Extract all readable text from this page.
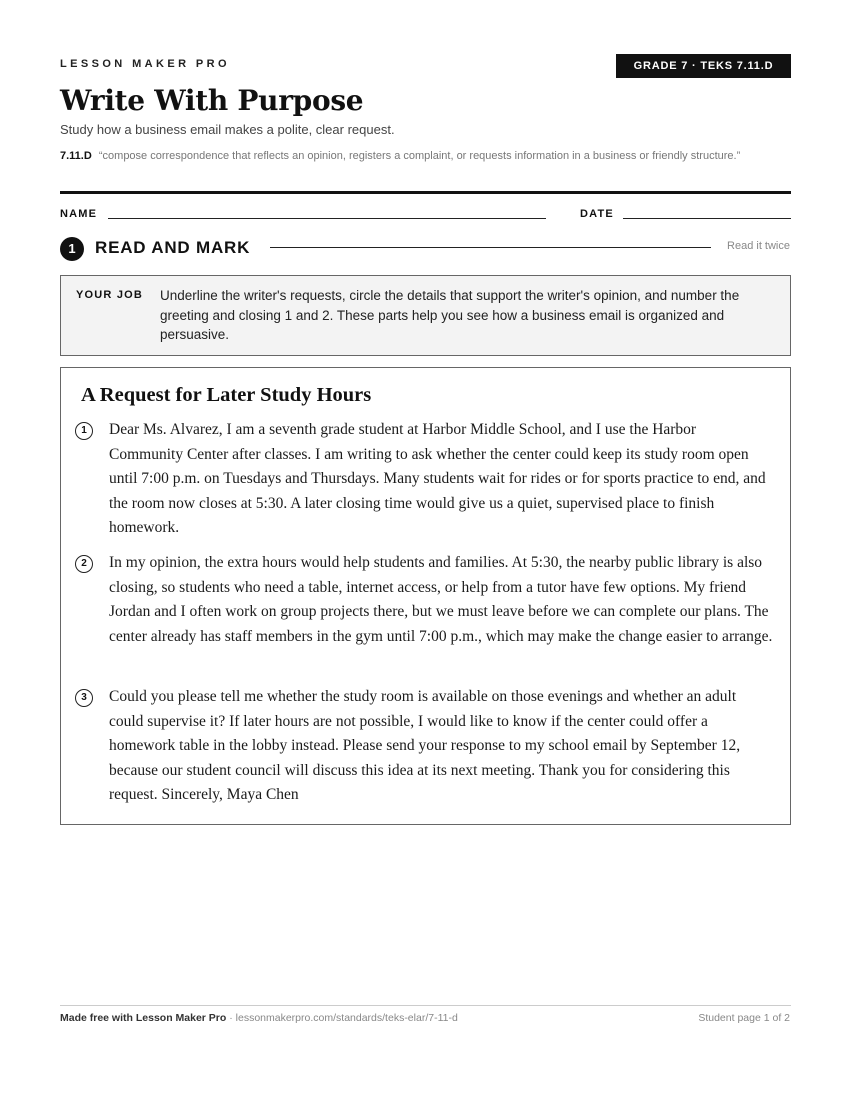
LESSON MAKER PRO	GRADE 7 · TEKS 7.11.D
Write With Purpose
Study how a business email makes a polite, clear request.
7.11.D “compose correspondence that reflects an opinion, registers a complaint, or requests information in a business or friendly structure.”
NAME	DATE
1	READ AND MARK	Read it twice
YOUR JOB Underline the writer's requests, circle the details that support the writer's opinion, and number the greeting and closing 1 and 2. These parts help you see how a business email is organized and persuasive.
A Request for Later Study Hours
1	Dear Ms. Alvarez, I am a seventh grade student at Harbor Middle School, and I use the Harbor Community Center after classes. I am writing to ask whether the center could keep its study room open until 7:00 p.m. on Tuesdays and Thursdays. Many students wait for rides or for sports practice to end, and the room now closes at 5:30. A later closing time would give us a quiet, supervised place to finish homework.

2	In my opinion, the extra hours would help students and families. At 5:30, the nearby public library is also closing, so students who need a table, internet access, or help from a tutor have few options. My friend Jordan and I often work on group projects there, but we must leave before we can complete our plans. The center already has staff members in the gym until 7:00 p.m., which may make the change easier to arrange.

3	Could you please tell me whether the study room is available on those evenings and whether an adult could supervise it? If later hours are not possible, I would like to know if the center could offer a homework table in the lobby instead. Please send your response to my school email by September 12, because our student council will discuss this idea at its next meeting. Thank you for considering this request. Sincerely, Maya Chen

Made free with Lesson Maker Pro · lessonmakerpro.com/standards/teks-elar/7-11-d	Student page 1 of 2
